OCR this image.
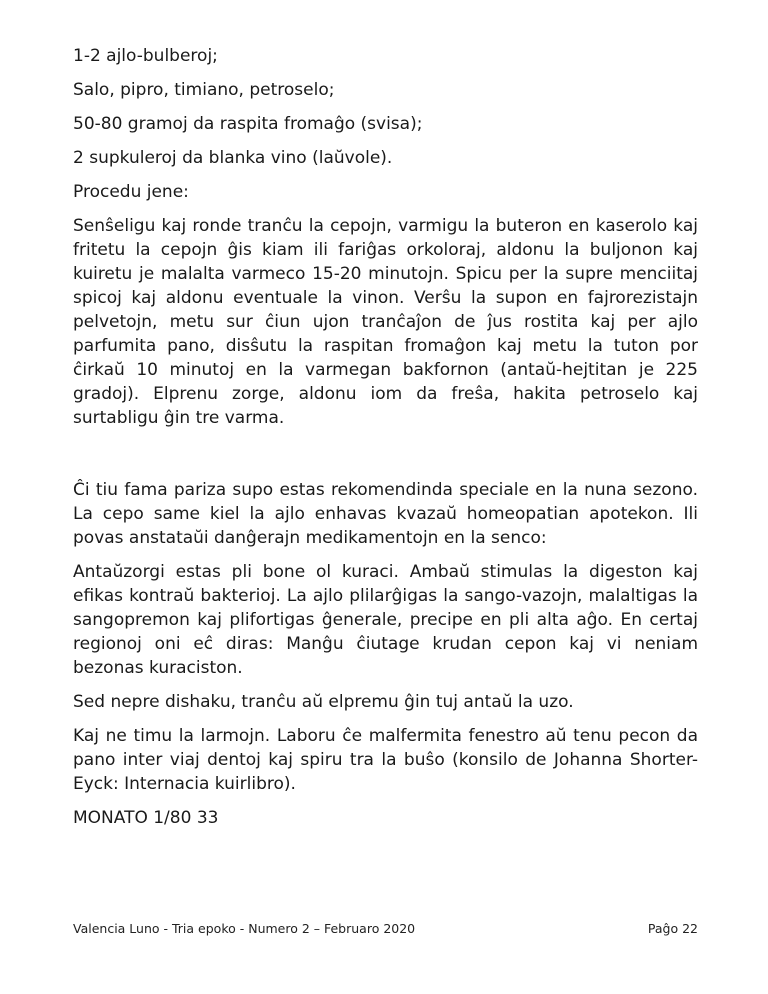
1-2 ajlo-bulberoj;
Salo, pipro, timiano, petroselo;
50-80 gramoj da raspita fromaĝo (svisa);
2 supkuleroj da blanka vino (laŭvole).
Procedu jene:
Senŝeligu kaj ronde tranĉu la cepojn, varmigu la buteron en kaserolo kaj fritetu la cepojn ĝis kiam ili fariĝas orkoloraj, aldonu la buljonon kaj kuiretu je malalta varmeco 15-20 minutojn. Spicu per la supre menciitaj spicoj kaj aldonu eventuale la vinon. Verŝu la supon en fajrorezistajn pelvetojn, metu sur ĉiun ujon tranĉaĵon de ĵus rostita kaj per ajlo parfumita pano, disŝutu la raspitan fromaĝon kaj metu la tuton por ĉirkaŭ 10 minutoj en la varmegan bakfornon (antaŭ-hejtitan je 225 gradoj). Elprenu zorge, aldonu iom da freŝa, hakita petroselo kaj surtabligu ĝin tre varma.
Ĉi tiu fama pariza supo estas rekomendinda speciale en la nuna sezono. La cepo same kiel la ajlo enhavas kvazaŭ homeopatian apotekon. Ili povas anstataŭi danĝerajn medikamentojn en la senco:
Antaŭzorgi estas pli bone ol kuraci. Ambaŭ stimulas la digeston kaj efikas kontraŭ bakterioj. La ajlo plilarĝigas la sango-vazojn, malaltigas la sangopremon kaj plifortigas ĝenerale, precipe en pli alta aĝo. En certaj regionoj oni eĉ diras: Manĝu ĉiutage krudan cepon kaj vi neniam bezonas kuraciston.
Sed nepre dishaku, tranĉu aŭ elpremu ĝin tuj antaŭ la uzo.
Kaj ne timu la larmojn. Laboru ĉe malfermita fenestro aŭ tenu pecon da pano inter viaj dentoj kaj spiru tra la buŝo (konsilo de Johanna Shorter-Eyck: Internacia kuirlibro).
MONATO 1/80 33
Valencia Luno - Tria epoko - Numero 2 – Februaro 2020	Paĝo 22
